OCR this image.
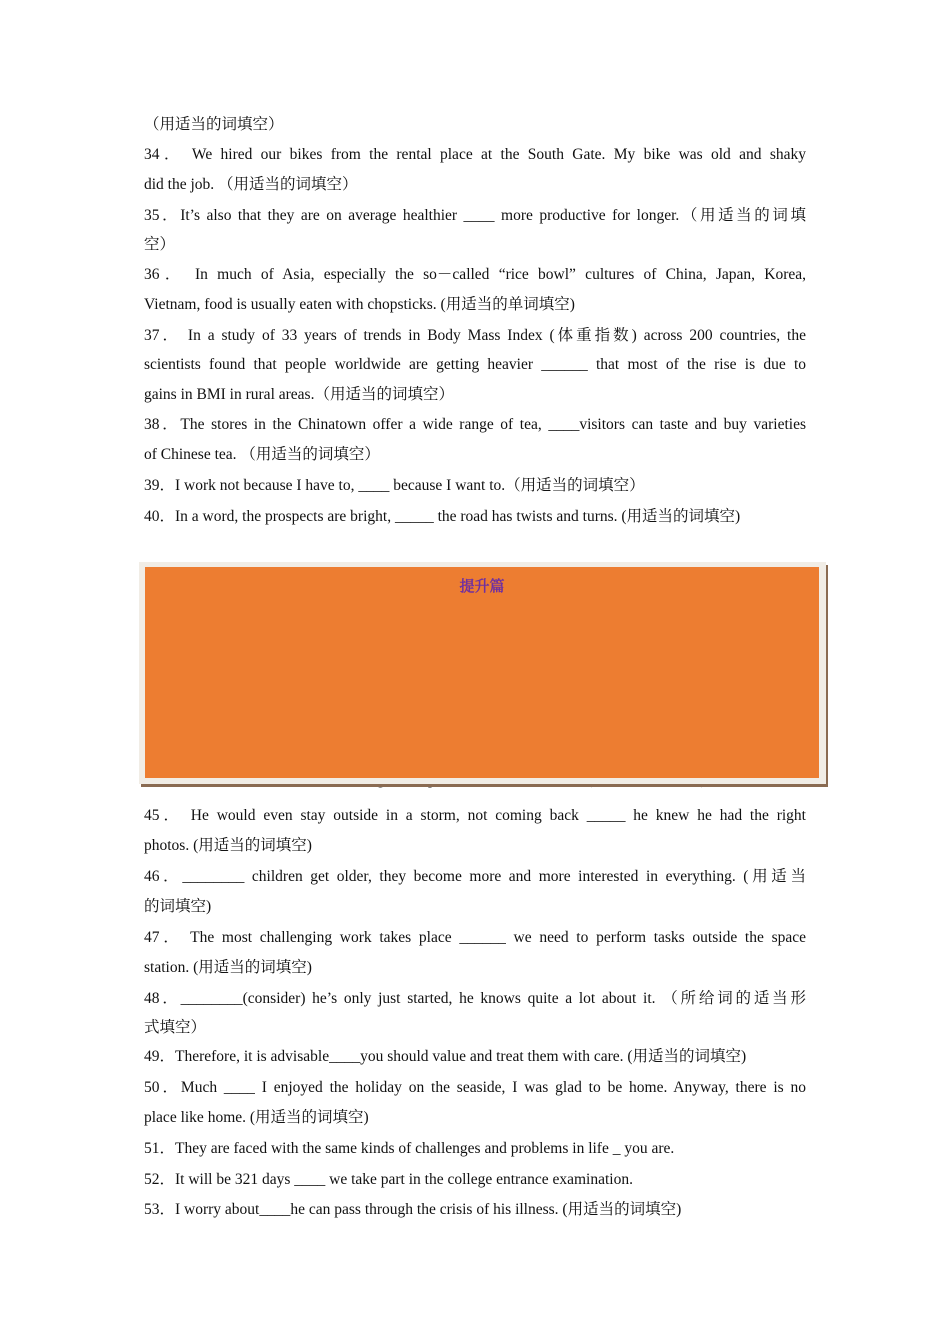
（用适当的词填空）
34． We hired our bikes from the rental place at the South Gate. My bike was old and shaky
did the job. （用适当的词填空）
35．It’s also that they are on average healthier ____ more productive for longer.（用适当的词填
空）
36． In much of Asia, especially the so－called “rice bowl” cultures of China, Japan, Korea,
Vietnam, food is usually eaten with chopsticks. (用适当的单词填空)
37． In a study of 33 years of trends in Body Mass Index (体重指数) across 200 countries, the
scientists found that people worldwide are getting heavier ______ that most of the rise is due to
gains in BMI in rural areas.（用适当的词填空）
38．The stores in the Chinatown offer a wide range of tea, ____visitors can taste and buy varieties
of Chinese tea. （用适当的词填空）
39．I work not because I have to, ____ because I want to.（用适当的词填空）
40．In a word, the prospects are bright, _____ the road has twists and turns. (用适当的词填空)
提升篇
45． He would even stay outside in a storm, not coming back _____ he knew he had the right
photos. (用适当的词填空)
46．________ children get older, they become more and more interested in everything. (用适当
的词填空)
47． The most challenging work takes place ______ we need to perform tasks outside the space
station. (用适当的词填空)
48．________(consider) he’s only just started, he knows quite a lot about it. （所给词的适当形
式填空）
49．Therefore, it is advisable____you should value and treat them with care. (用适当的词填空)
50．Much ____ I enjoyed the holiday on the seaside, I was glad to be home. Anyway, there is no
place like home. (用适当的词填空)
51．They are faced with the same kinds of challenges and problems in life _ you are.
52．It will be 321 days ____ we take part in the college entrance examination.
53．I worry about____he can pass through the crisis of his illness. (用适当的词填空)
